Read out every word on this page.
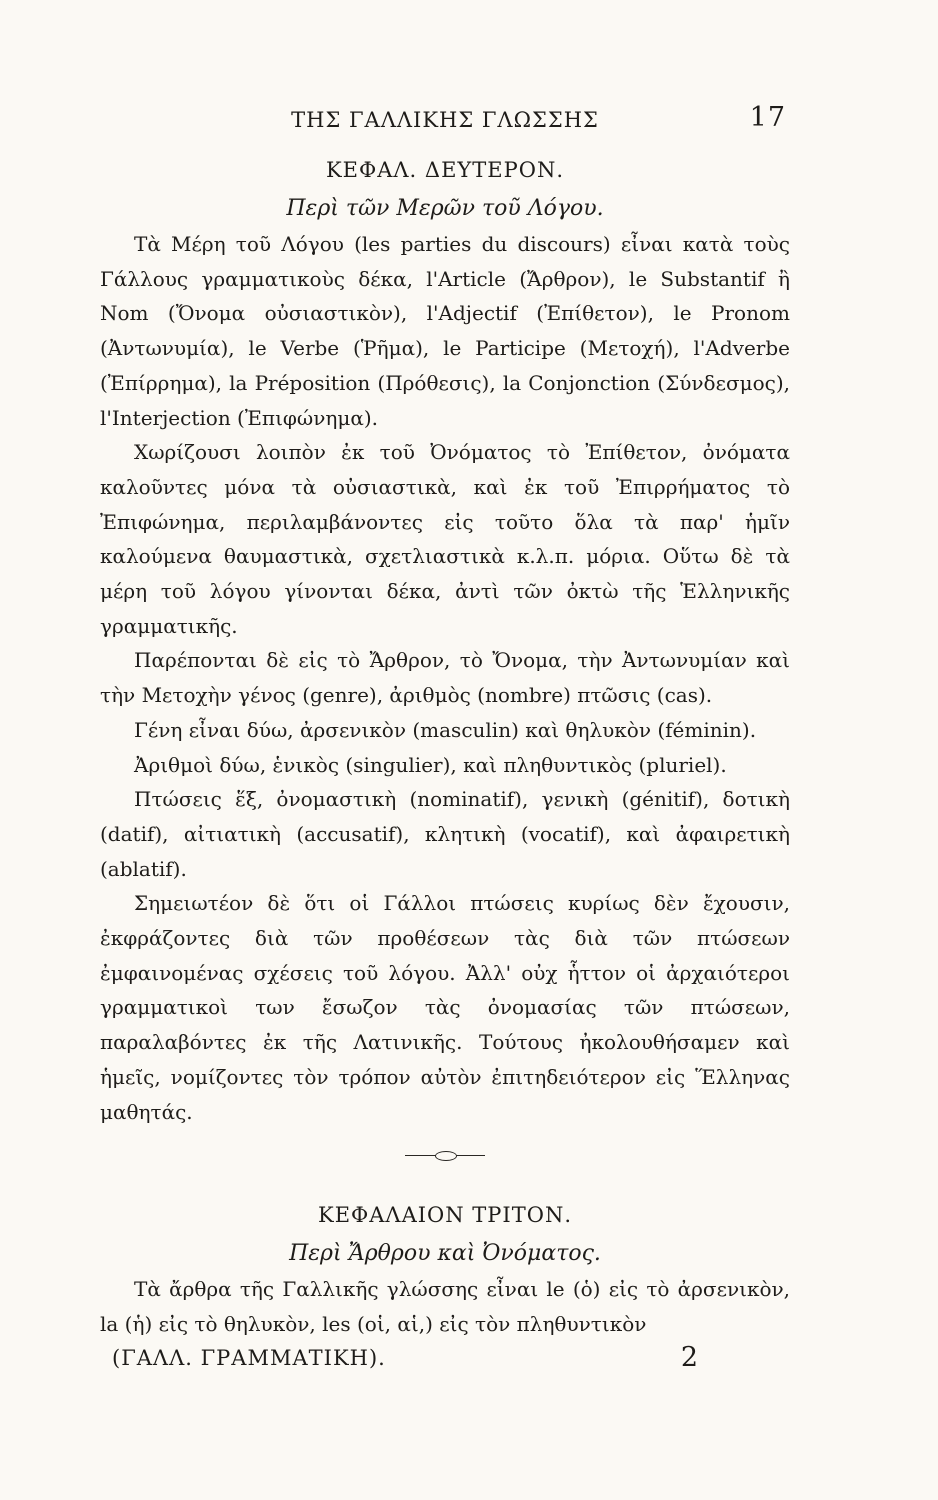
ΤΗΣ ΓΑΛΛΙΚΗΣ ΓΛΩΣΣΗΣ	17
ΚΕΦΑΛ. ΔΕΥΤΕΡΟΝ.
Περὶ τῶν Μερῶν τοῦ Λόγου.

Τὰ Μέρη τοῦ Λόγου (les parties du discours) εἶναι κατὰ τοὺς Γάλλους γραμματικοὺς δέκα, l'Article (Ἄρθρον), le Substantif ἢ Nom (Ὄνομα οὐσιαστικὸν), l'Adjectif (Ἐπίθετον), le Pronom (Ἀντωνυμία), le Verbe (Ῥῆμα), le Participe (Μετοχή), l'Adverbe (Ἐπίρρημα), la Préposition (Πρόθεσις), la Conjonction (Σύνδεσμος), l'Interjection (Ἐπιφώνημα).

Χωρίζουσι λοιπὸν ἐκ τοῦ Ὀνόματος τὸ Ἐπίθετον, ὀνόματα καλοῦντες μόνα τὰ οὐσιαστικὰ, καὶ ἐκ τοῦ Ἐπιρρήματος τὸ Ἐπιφώνημα, περιλαμβάνοντες εἰς τοῦτο ὅλα τὰ παρ' ἡμῖν καλούμενα θαυμαστικὰ, σχετλιαστικὰ κ.λ.π. μόρια. Οὕτω δὲ τὰ μέρη τοῦ λόγου γίνονται δέκα, ἀντὶ τῶν ὀκτὼ τῆς Ἑλληνικῆς γραμματικῆς.

Παρέπονται δὲ εἰς τὸ Ἄρθρον, τὸ Ὄνομα, τὴν Ἀντωνυμίαν καὶ τὴν Μετοχὴν γένος (genre), ἀριθμὸς (nombre) πτῶσις (cas).

Γένη εἶναι δύω, ἀρσενικὸν (masculin) καὶ θηλυκὸν (féminin).

Ἀριθμοὶ δύω, ἑνικὸς (singulier), καὶ πληθυντικὸς (pluriel).

Πτώσεις ἕξ, ὀνομαστικὴ (nominatif), γενικὴ (génitif), δοτικὴ (datif), αἰτιατικὴ (accusatif), κλητικὴ (vocatif), καὶ ἀφαιρετικὴ (ablatif).

Σημειωτέον δὲ ὅτι οἱ Γάλλοι πτώσεις κυρίως δὲν ἔχουσιν, ἐκφράζοντες διὰ τῶν προθέσεων τὰς διὰ τῶν πτώσεων ἐμφαινομένας σχέσεις τοῦ λόγου. Ἀλλ' οὐχ ἧττον οἱ ἀρχαιότεροι γραμματικοὶ των ἔσωζον τὰς ὀνομασίας τῶν πτώσεων, παραλαβόντες ἐκ τῆς Λατινικῆς. Τούτους ἠκολουθήσαμεν καὶ ἡμεῖς, νομίζοντες τὸν τρόπον αὐτὸν ἐπιτηδειότερον εἰς Ἕλληνας μαθητάς.

ΚΕΦΑΛΑΙΟΝ ΤΡΙΤΟΝ.
Περὶ Ἄρθρου καὶ Ὀνόματος.

Τὰ ἄρθρα τῆς Γαλλικῆς γλώσσης εἶναι le (ὁ) εἰς τὸ ἀρσενικὸν, la (ἡ) εἰς τὸ θηλυκὸν, les (οἱ, αἱ,) εἰς τὸν πληθυντικὸν

(ΓΑΛΛ. ΓΡΑΜΜΑΤΙΚΗ).	2
